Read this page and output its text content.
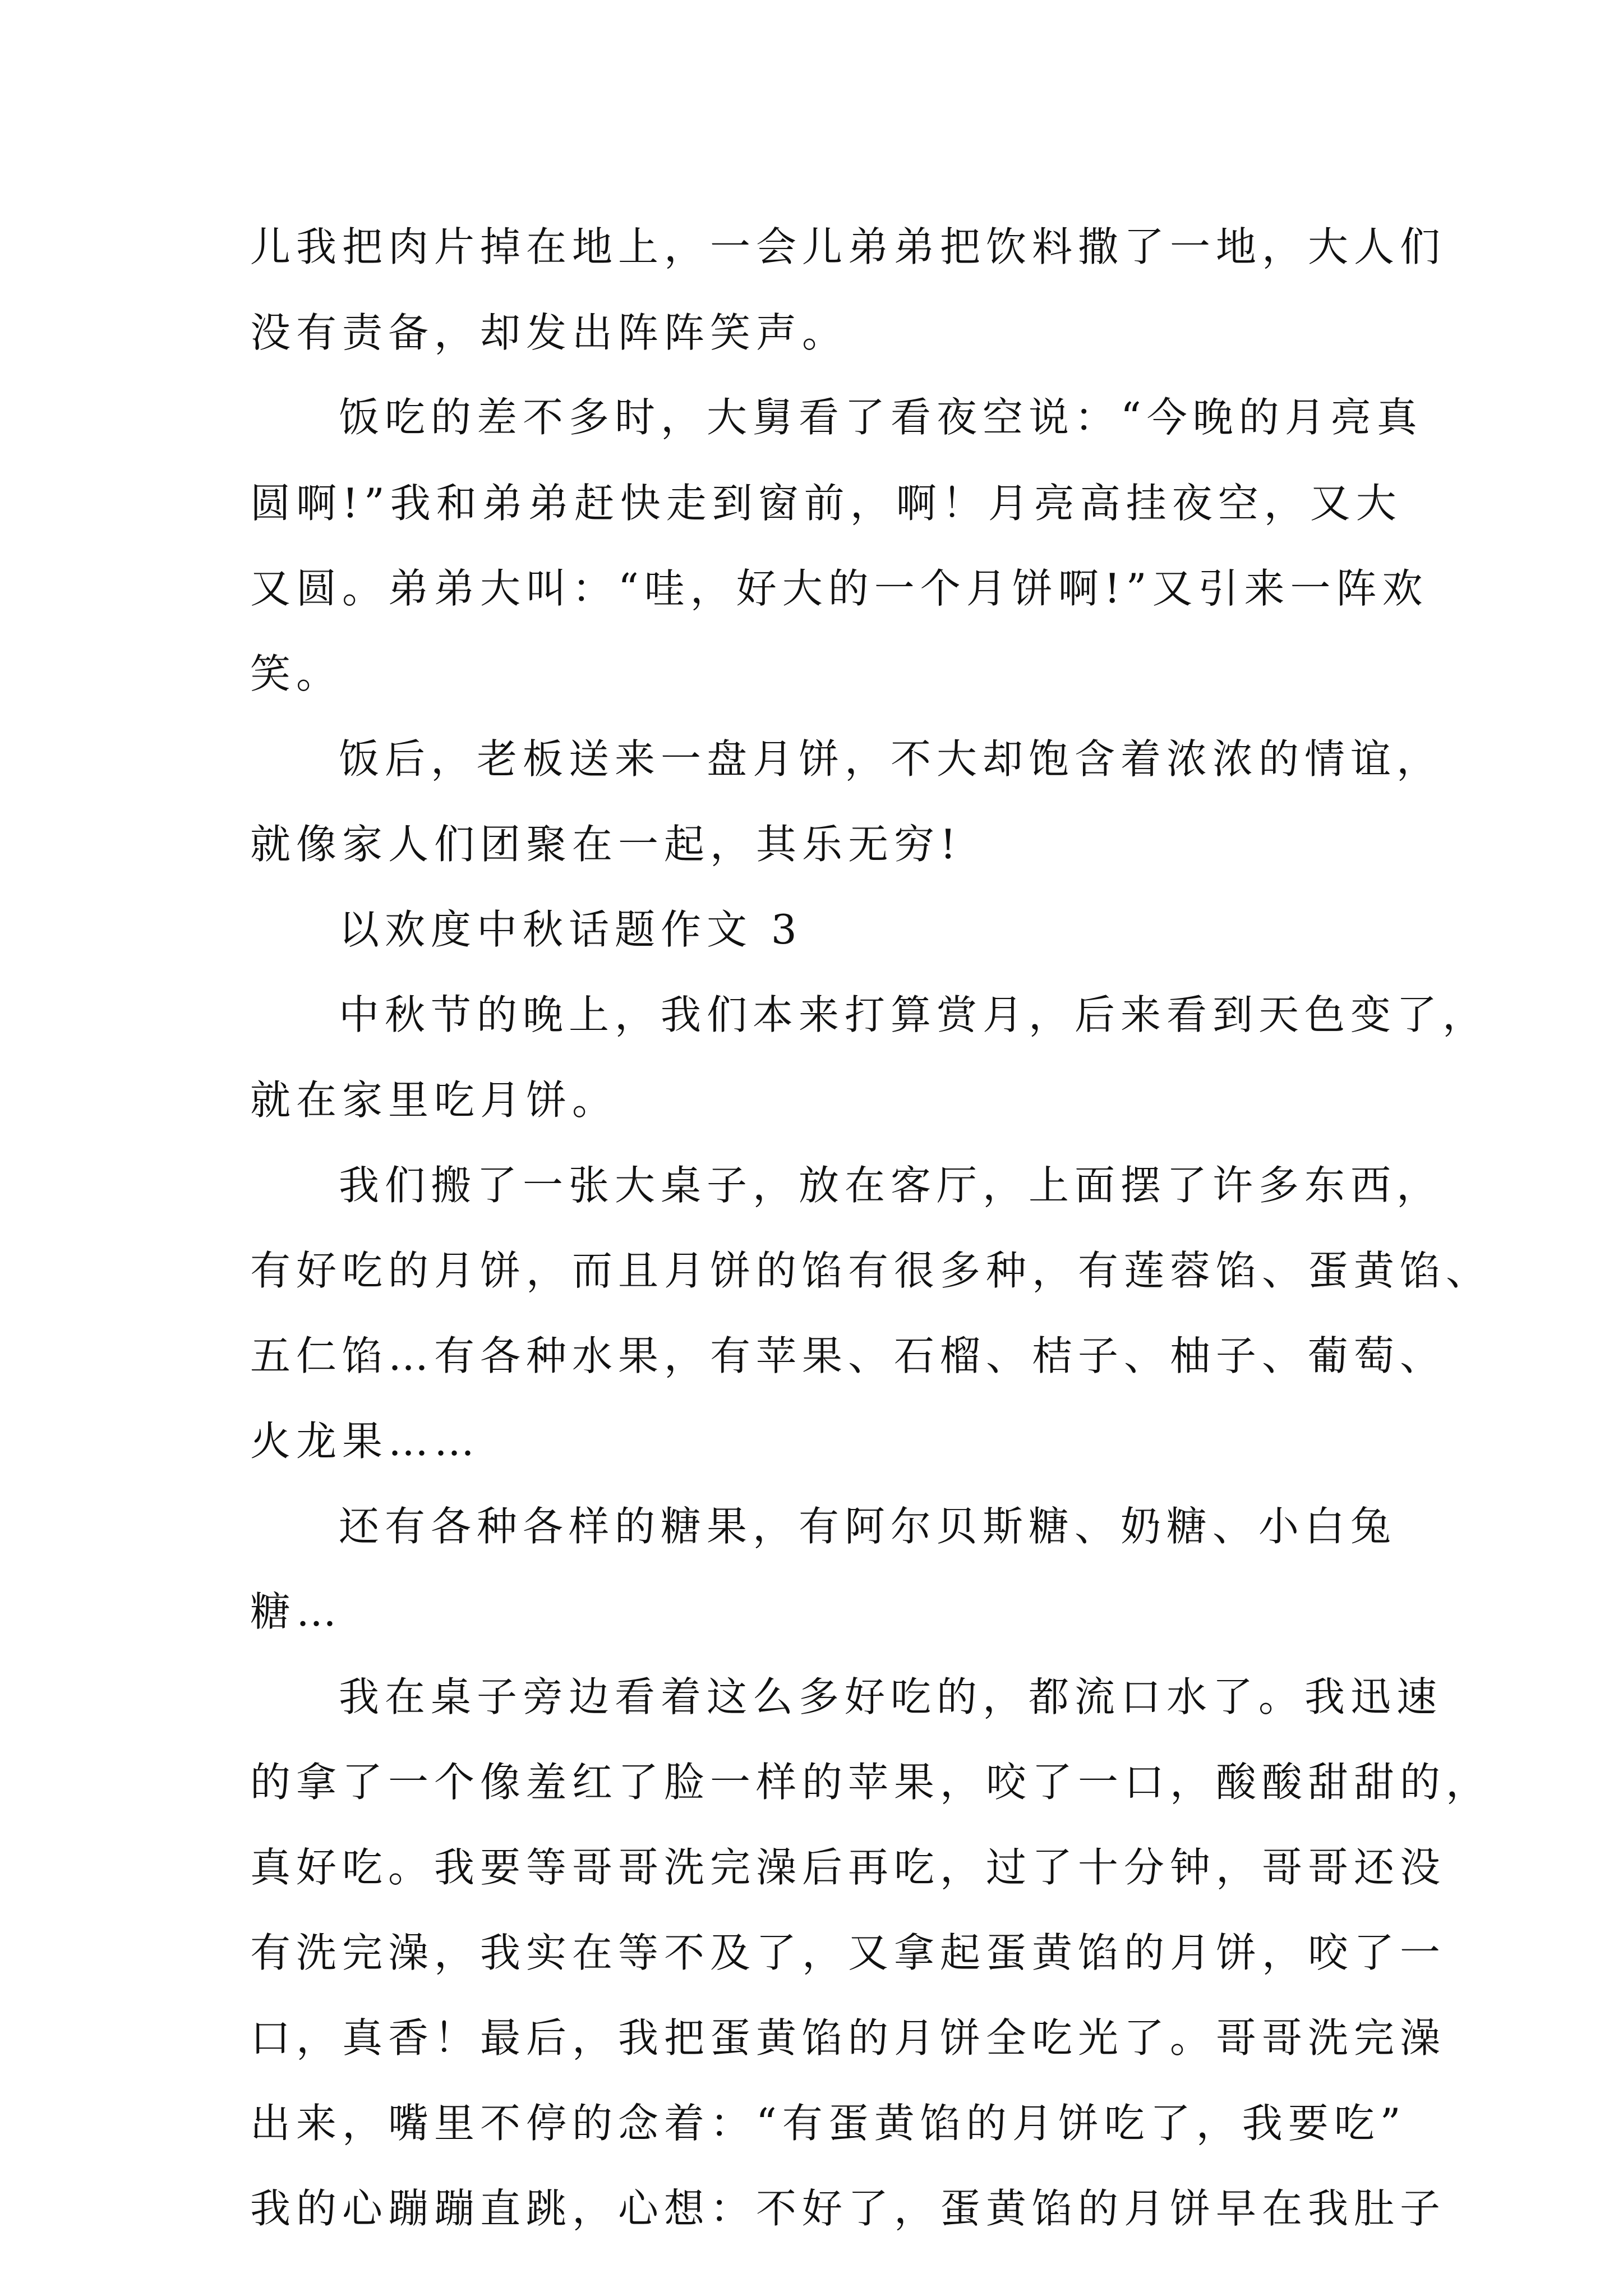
儿我把肉片掉在地上，一会儿弟弟把饮料撒了一地，大人们
没有责备，却发出阵阵笑声。
饭吃的差不多时，大舅看了看夜空说：“今晚的月亮真
圆啊!”我和弟弟赶快走到窗前，啊！月亮高挂夜空，又大
又圆。弟弟大叫：“哇，好大的一个月饼啊!”又引来一阵欢
笑。
饭后，老板送来一盘月饼，不大却饱含着浓浓的情谊，
就像家人们团聚在一起，其乐无穷!
以欢度中秋话题作文 3
中秋节的晚上，我们本来打算赏月，后来看到天色变了，
就在家里吃月饼。
我们搬了一张大桌子，放在客厅，上面摆了许多东西，
有好吃的月饼，而且月饼的馅有很多种，有莲蓉馅、蛋黄馅、
五仁馅…有各种水果，有苹果、石榴、桔子、柚子、葡萄、
火龙果……
还有各种各样的糖果，有阿尔贝斯糖、奶糖、小白兔
糖…
我在桌子旁边看着这么多好吃的，都流口水了。我迅速
的拿了一个像羞红了脸一样的苹果，咬了一口，酸酸甜甜的，
真好吃。我要等哥哥洗完澡后再吃，过了十分钟，哥哥还没
有洗完澡，我实在等不及了，又拿起蛋黄馅的月饼，咬了一
口，真香！最后，我把蛋黄馅的月饼全吃光了。哥哥洗完澡
出来，嘴里不停的念着：“有蛋黄馅的月饼吃了，我要吃”
我的心蹦蹦直跳，心想：不好了，蛋黄馅的月饼早在我肚子
